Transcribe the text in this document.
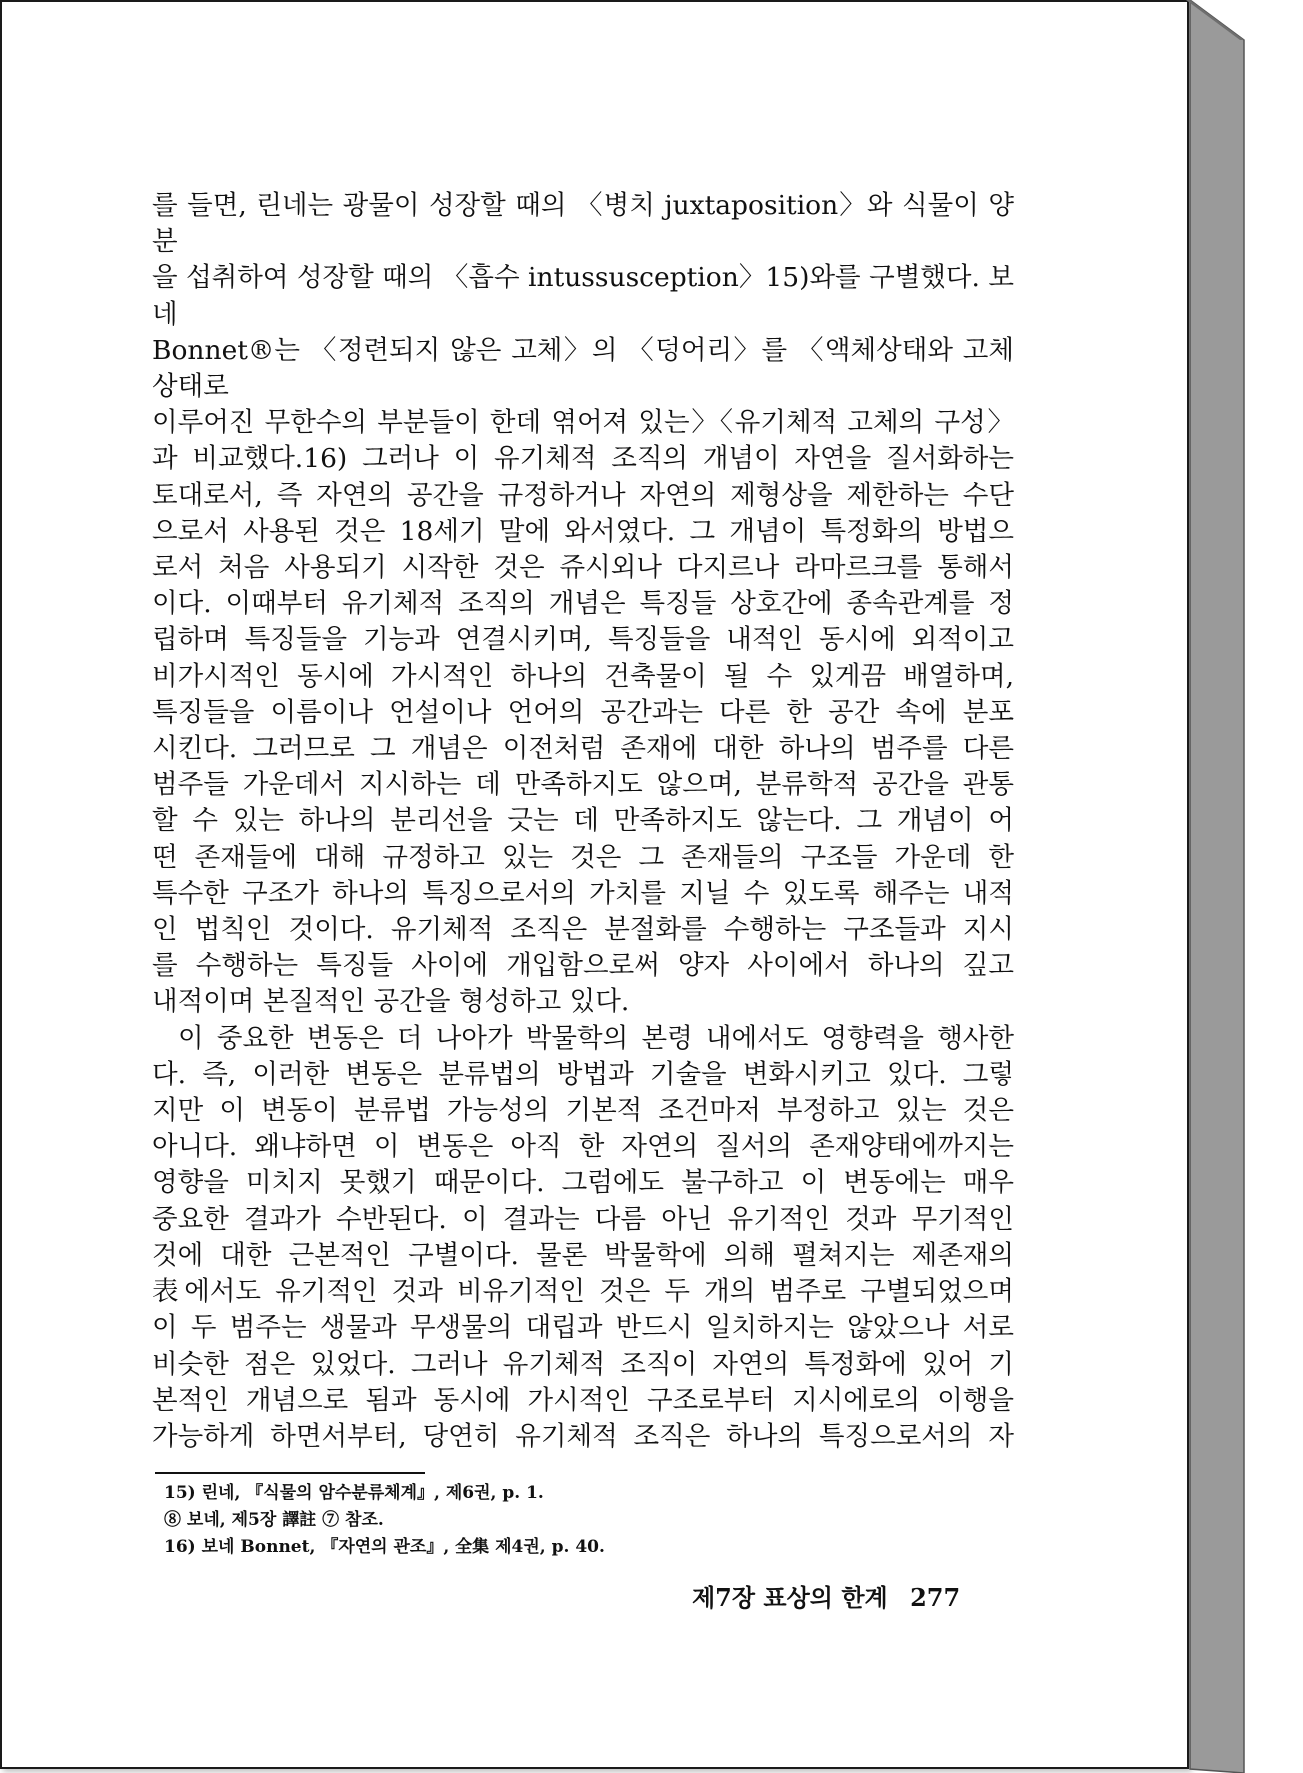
를 들면, 린네는 광물이 성장할 때의 〈병치 juxtaposition〉와 식물이 양분

을 섭취하여 성장할 때의 〈흡수 intussusception〉15)와를 구별했다. 보네

Bonnet®는 〈정련되지 않은 고체〉의 〈덩어리〉를 〈액체상태와 고체상태로

이루어진 무한수의 부분들이 한데 엮어져 있는〉〈유기체적 고체의 구성〉

과 비교했다.16) 그러나 이 유기체적 조직의 개념이 자연을 질서화하는

토대로서, 즉 자연의 공간을 규정하거나 자연의 제형상을 제한하는 수단

으로서 사용된 것은 18세기 말에 와서였다. 그 개념이 특정화의 방법으

로서 처음 사용되기 시작한 것은 쥬시외나 다지르나 라마르크를 통해서

이다. 이때부터 유기체적 조직의 개념은 특징들 상호간에 종속관계를 정

립하며 특징들을 기능과 연결시키며, 특징들을 내적인 동시에 외적이고

비가시적인 동시에 가시적인 하나의 건축물이 될 수 있게끔 배열하며,

특징들을 이름이나 언설이나 언어의 공간과는 다른 한 공간 속에 분포

시킨다. 그러므로 그 개념은 이전처럼 존재에 대한 하나의 범주를 다른

범주들 가운데서 지시하는 데 만족하지도 않으며, 분류학적 공간을 관통

할 수 있는 하나의 분리선을 긋는 데 만족하지도 않는다. 그 개념이 어

떤 존재들에 대해 규정하고 있는 것은 그 존재들의 구조들 가운데 한

특수한 구조가 하나의 특징으로서의 가치를 지닐 수 있도록 해주는 내적

인 법칙인 것이다. 유기체적 조직은 분절화를 수행하는 구조들과 지시

를 수행하는 특징들 사이에 개입함으로써 양자 사이에서 하나의 깊고

내적이며 본질적인 공간을 형성하고 있다.

이 중요한 변동은 더 나아가 박물학의 본령 내에서도 영향력을 행사한

다. 즉, 이러한 변동은 분류법의 방법과 기술을 변화시키고 있다. 그렇

지만 이 변동이 분류법 가능성의 기본적 조건마저 부정하고 있는 것은

아니다. 왜냐하면 이 변동은 아직 한 자연의 질서의 존재양태에까지는

영향을 미치지 못했기 때문이다. 그럼에도 불구하고 이 변동에는 매우

중요한 결과가 수반된다. 이 결과는 다름 아닌 유기적인 것과 무기적인

것에 대한 근본적인 구별이다. 물론 박물학에 의해 펼쳐지는 제존재의

表에서도 유기적인 것과 비유기적인 것은 두 개의 범주로 구별되었으며

이 두 범주는 생물과 무생물의 대립과 반드시 일치하지는 않았으나 서로

비슷한 점은 있었다. 그러나 유기체적 조직이 자연의 특정화에 있어 기

본적인 개념으로 됨과 동시에 가시적인 구조로부터 지시에로의 이행을

가능하게 하면서부터, 당연히 유기체적 조직은 하나의 특징으로서의 자

15) 린네, 『식물의 암수분류체계』, 제6권, p. 1.
⑧ 보네, 제5장 譯註 ⑦ 참조.
16) 보네 Bonnet, 『자연의 관조』, 全集 제4권, p. 40.
제7장 표상의 한계 277
